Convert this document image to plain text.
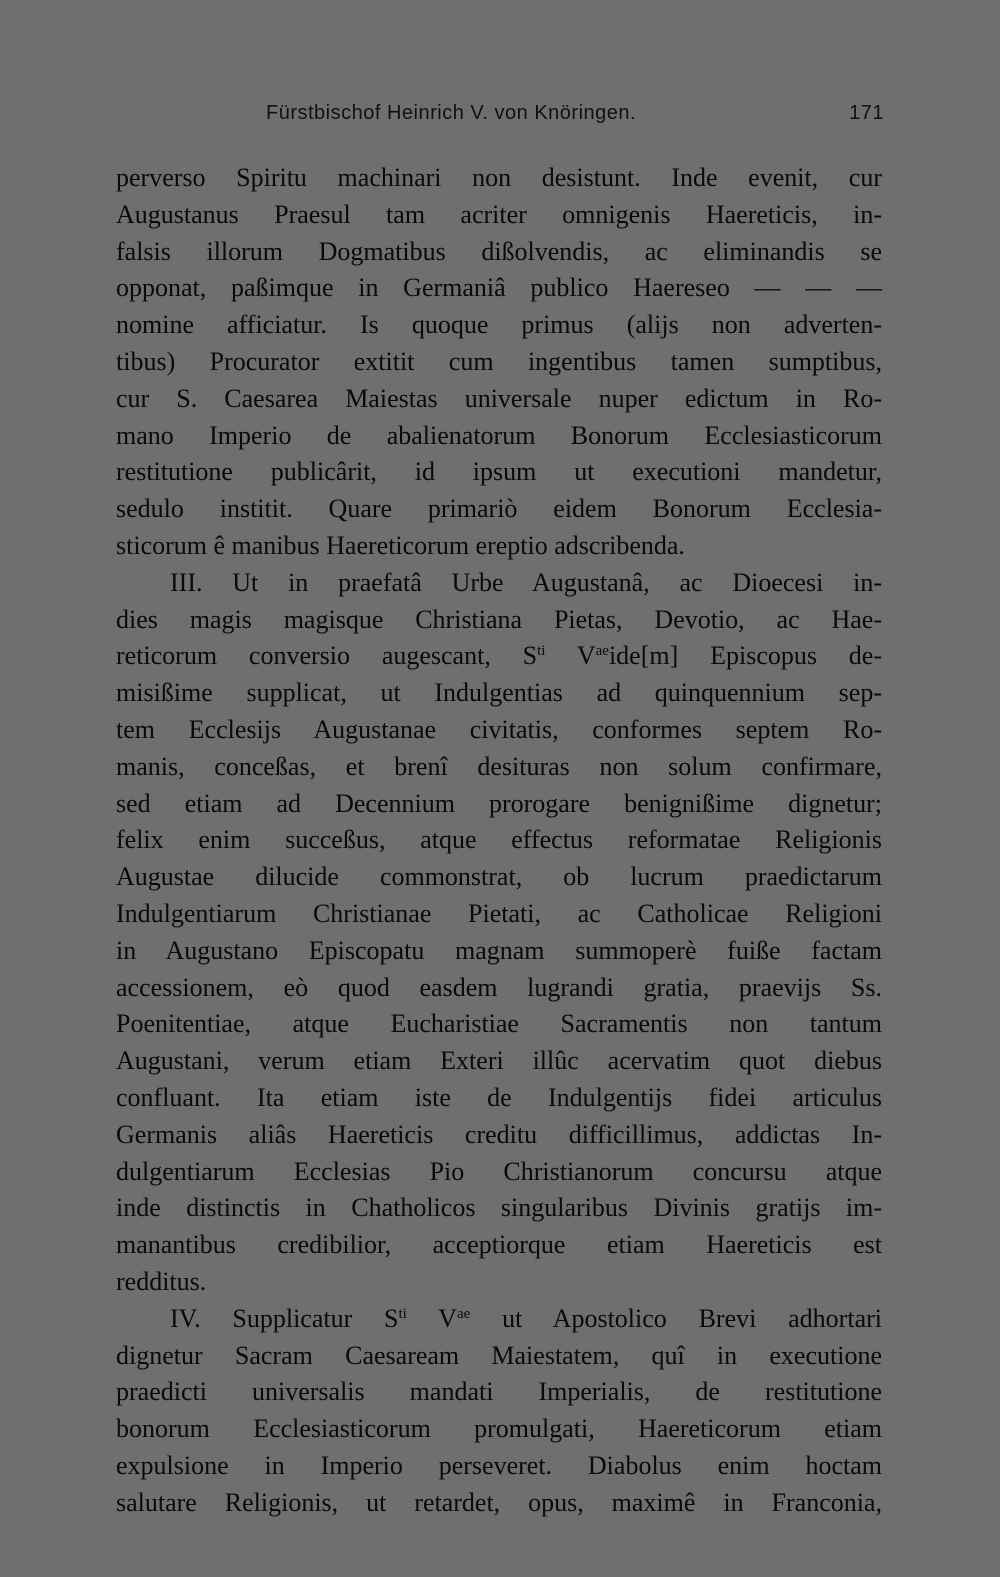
Fürstbischof Heinrich V. von Knöringen.	171
perverso Spiritu machinari non desistunt. Inde evenit, cur
Augustanus Praesul tam acriter omnigenis Haereticis, in-
falsis illorum Dogmatibus dißolvendis, ac eliminandis se
opponat, paßimque in Germaniâ publico Haereseo — — —
nomine afficiatur. Is quoque primus (alijs non adverten-
tibus) Procurator extitit cum ingentibus tamen sumptibus,
cur S. Caesarea Maiestas universale nuper edictum in Ro-
mano Imperio de abalienatorum Bonorum Ecclesiasticorum
restitutione publicârit, id ipsum ut executioni mandetur,
sedulo institit. Quare primariò eidem Bonorum Ecclesia-
sticorum ê manibus Haereticorum ereptio adscribenda.
III. Ut in praefatâ Urbe Augustanâ, ac Dioecesi in-
dies magis magisque Christiana Pietas, Devotio, ac Hae-
reticorum conversio augescant, $S^{ti}$ $V^{ae}ide[m]$ Episcopus de-
misißime supplicat, ut Indulgentias ad quinquennium sep-
tem Ecclesijs Augustanae civitatis, conformes septem Ro-
manis, conceßas, et brenî desituras non solum confirmare,
sed etiam ad Decennium prorogare benignißime dignetur;
felix enim succeßus, atque effectus reformatae Religionis
Augustae dilucide commonstrat, ob lucrum praedictarum
Indulgentiarum Christianae Pietati, ac Catholicae Religioni
in Augustano Episcopatu magnam summoperè fuiße factam
accessionem, eò quod easdem lugrandi gratia, praevijs Ss.
Poenitentiae, atque Eucharistiae Sacramentis non tantum
Augustani, verum etiam Exteri illûc acervatim quot diebus
confluant. Ita etiam iste de Indulgentijs fidei articulus
Germanis aliâs Haereticis creditu difficillimus, addictas In-
dulgentiarum Ecclesias Pio Christianorum concursu atque
inde distinctis in Chatholicos singularibus Divinis gratijs im-
manantibus credibilior, acceptiorque etiam Haereticis est
redditus.
IV. Supplicatur $S^{ti}$ $V^{ae}$ ut Apostolico Brevi adhortari
dignetur Sacram Caesaream Maiestatem, quî in executione
praedicti universalis mandati Imperialis, de restitutione
bonorum Ecclesiasticorum promulgati, Haereticorum etiam
expulsione in Imperio perseveret. Diabolus enim hoctam
salutare Religionis, ut retardet, opus, maximê in Franconia,
